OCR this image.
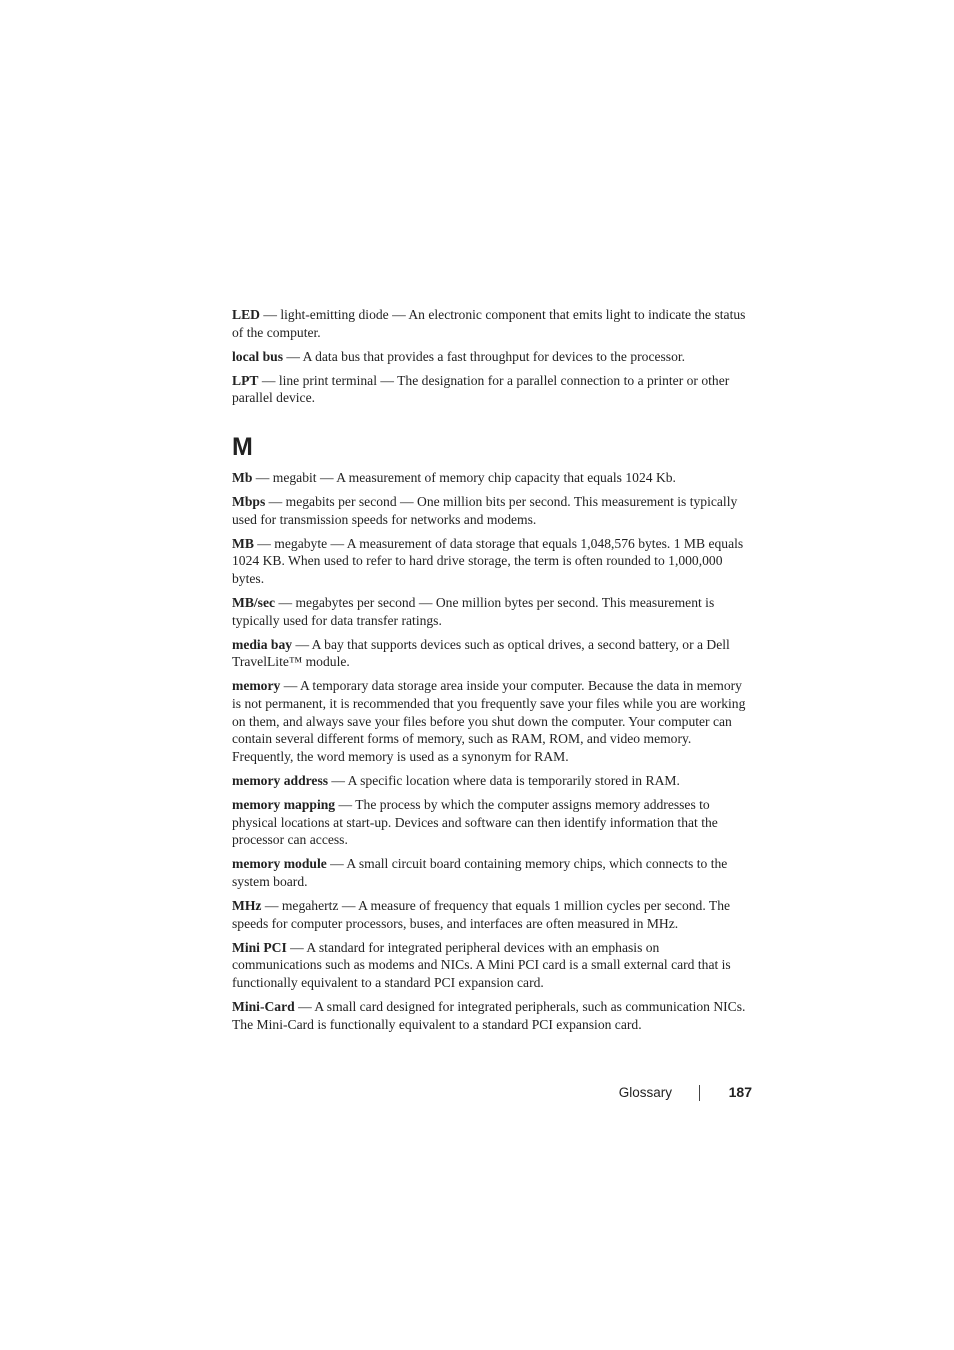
LED — light-emitting diode — An electronic component that emits light to indicate the status of the computer.

local bus — A data bus that provides a fast throughput for devices to the processor.

LPT — line print terminal — The designation for a parallel connection to a printer or other parallel device.

M

Mb — megabit — A measurement of memory chip capacity that equals 1024 Kb.

Mbps — megabits per second — One million bits per second. This measurement is typically used for transmission speeds for networks and modems.

MB — megabyte — A measurement of data storage that equals 1,048,576 bytes. 1 MB equals 1024 KB. When used to refer to hard drive storage, the term is often rounded to 1,000,000 bytes.

MB/sec — megabytes per second — One million bytes per second. This measurement is typically used for data transfer ratings.

media bay — A bay that supports devices such as optical drives, a second battery, or a Dell TravelLite™ module.

memory — A temporary data storage area inside your computer. Because the data in memory is not permanent, it is recommended that you frequently save your files while you are working on them, and always save your files before you shut down the computer. Your computer can contain several different forms of memory, such as RAM, ROM, and video memory. Frequently, the word memory is used as a synonym for RAM.

memory address — A specific location where data is temporarily stored in RAM.

memory mapping — The process by which the computer assigns memory addresses to physical locations at start-up. Devices and software can then identify information that the processor can access.

memory module — A small circuit board containing memory chips, which connects to the system board.

MHz — megahertz — A measure of frequency that equals 1 million cycles per second. The speeds for computer processors, buses, and interfaces are often measured in MHz.

Mini PCI — A standard for integrated peripheral devices with an emphasis on communications such as modems and NICs. A Mini PCI card is a small external card that is functionally equivalent to a standard PCI expansion card.

Mini-Card — A small card designed for integrated peripherals, such as communication NICs. The Mini-Card is functionally equivalent to a standard PCI expansion card.

Glossary	187
